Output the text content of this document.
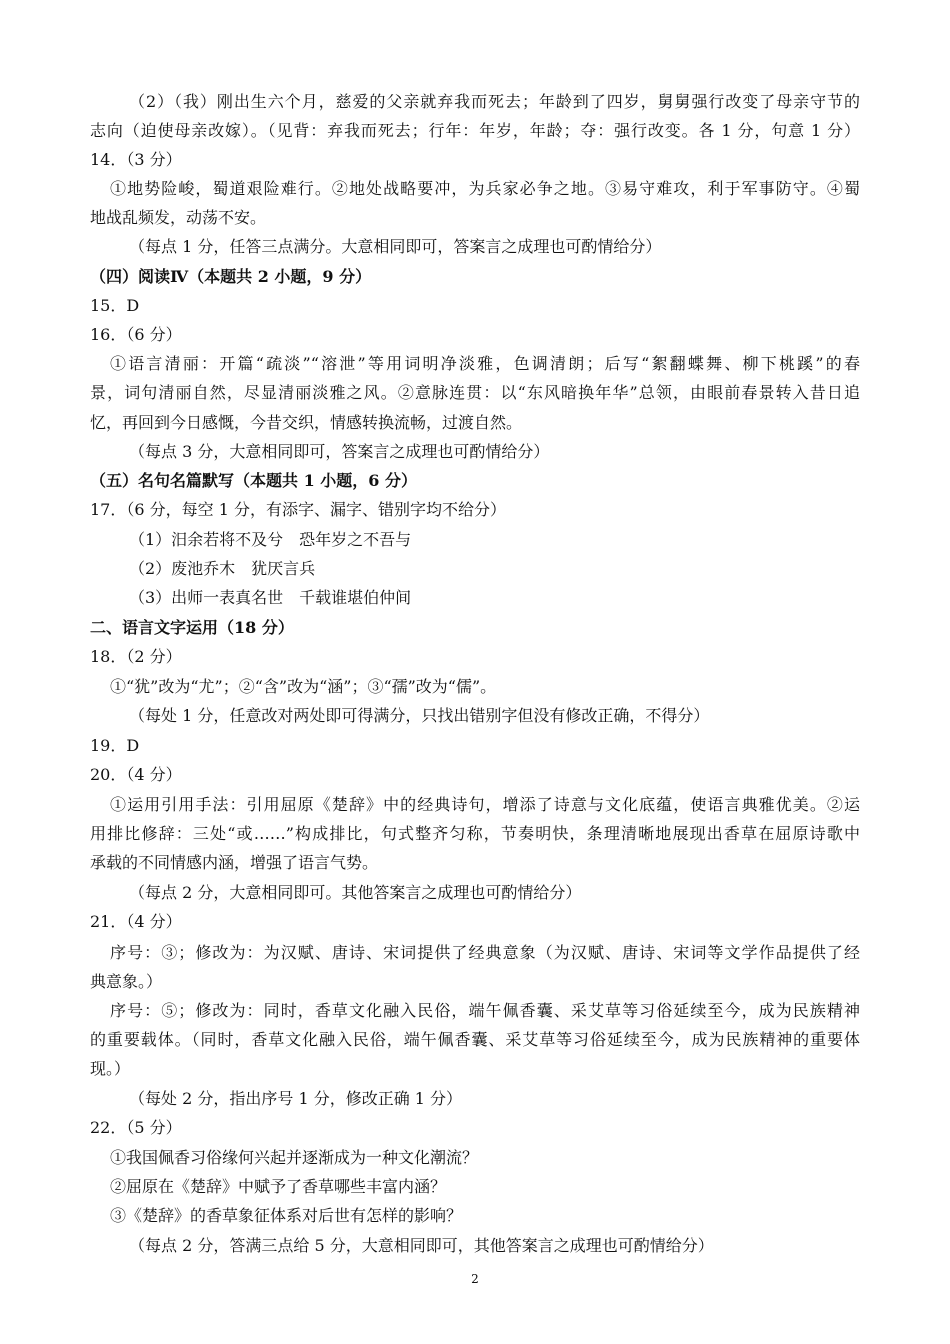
（2）（我）刚出生六个月，慈爱的父亲就弃我而死去；年龄到了四岁，舅舅强行改变了母亲守节的
志向（迫使母亲改嫁）。（见背：弃我而死去；行年：年岁，年龄；夺：强行改变。各 1 分，句意 1 分）
14．（3 分）
①地势险峻，蜀道艰险难行。②地处战略要冲，为兵家必争之地。③易守难攻，利于军事防守。④蜀
地战乱频发，动荡不安。
（每点 1 分，任答三点满分。大意相同即可，答案言之成理也可酌情给分）
（四）阅读Ⅳ（本题共 2 小题，9 分）
15．D
16．（6 分）
①语言清丽：开篇“疏淡”“溶泄”等用词明净淡雅，色调清朗；后写“絮翻蝶舞、柳下桃蹊”的春
景，词句清丽自然，尽显清丽淡雅之风。②意脉连贯：以“东风暗换年华”总领，由眼前春景转入昔日追
忆，再回到今日感慨，今昔交织，情感转换流畅，过渡自然。
（每点 3 分，大意相同即可，答案言之成理也可酌情给分）
（五）名句名篇默写（本题共 1 小题，6 分）
17．（6 分，每空 1 分，有添字、漏字、错别字均不给分）
（1）汨余若将不及兮　恐年岁之不吾与
（2）废池乔木　犹厌言兵
（3）出师一表真名世　千载谁堪伯仲间
二、语言文字运用（18 分）
18．（2 分）
①“犹”改为“尤”；②“含”改为“涵”；③“孺”改为“儒”。
（每处 1 分，任意改对两处即可得满分，只找出错别字但没有修改正确，不得分）
19．D
20．（4 分）
①运用引用手法：引用屈原《楚辞》中的经典诗句，增添了诗意与文化底蕴，使语言典雅优美。②运
用排比修辞：三处“或……”构成排比，句式整齐匀称，节奏明快，条理清晰地展现出香草在屈原诗歌中
承载的不同情感内涵，增强了语言气势。
（每点 2 分，大意相同即可。其他答案言之成理也可酌情给分）
21．（4 分）
序号：③；修改为：为汉赋、唐诗、宋词提供了经典意象（为汉赋、唐诗、宋词等文学作品提供了经
典意象。）
序号：⑤；修改为：同时，香草文化融入民俗，端午佩香囊、采艾草等习俗延续至今，成为民族精神
的重要载体。（同时，香草文化融入民俗，端午佩香囊、采艾草等习俗延续至今，成为民族精神的重要体
现。）
（每处 2 分，指出序号 1 分，修改正确 1 分）
22．（5 分）
①我国佩香习俗缘何兴起并逐渐成为一种文化潮流？
②屈原在《楚辞》中赋予了香草哪些丰富内涵？
③《楚辞》的香草象征体系对后世有怎样的影响？
（每点 2 分，答满三点给 5 分，大意相同即可，其他答案言之成理也可酌情给分）
2
